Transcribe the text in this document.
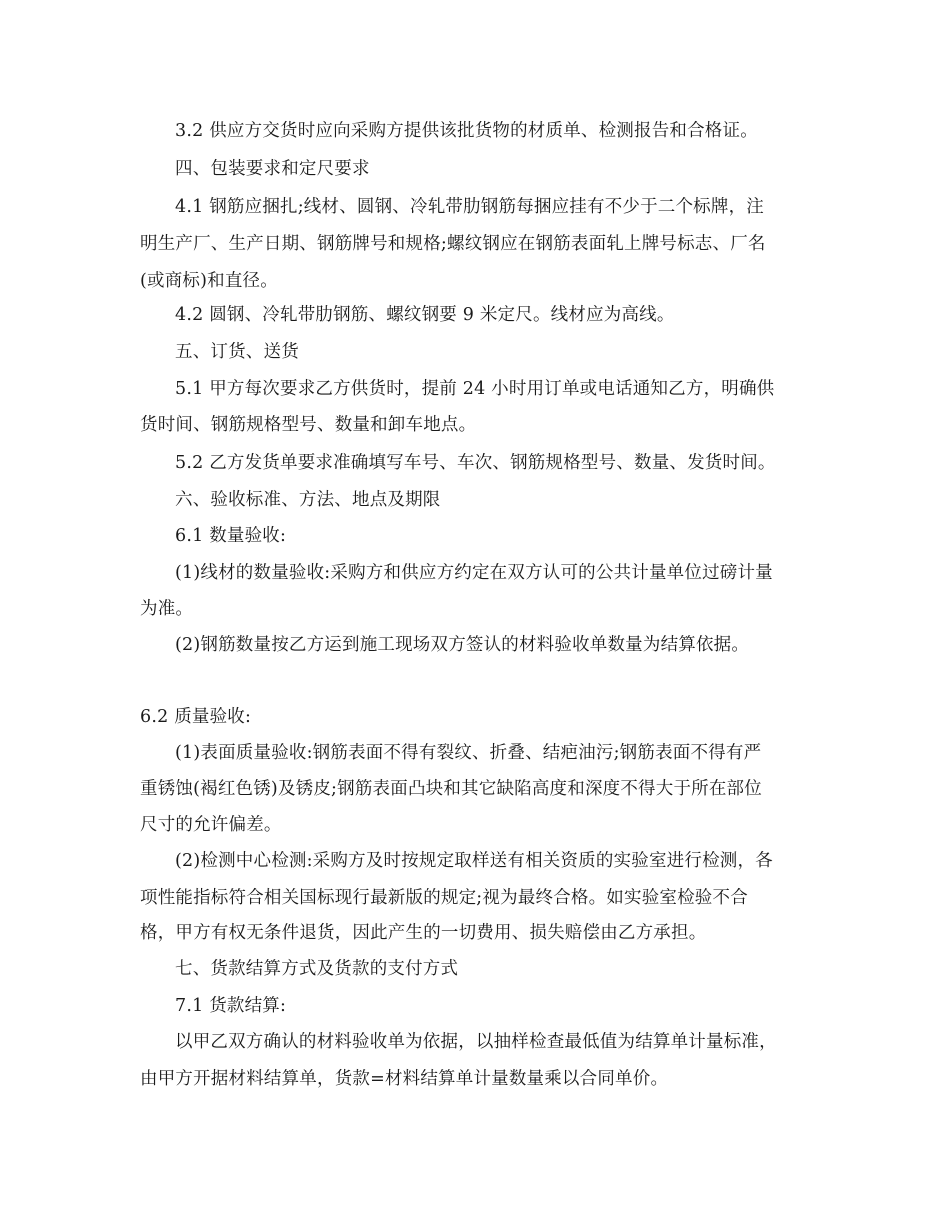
3.2 供应方交货时应向采购方提供该批货物的材质单、检测报告和合格证。
四、包装要求和定尺要求
4.1 钢筋应捆扎;线材、圆钢、冷轧带肋钢筋每捆应挂有不少于二个标牌，注
明生产厂、生产日期、钢筋牌号和规格;螺纹钢应在钢筋表面轧上牌号标志、厂名
(或商标)和直径。
4.2 圆钢、冷轧带肋钢筋、螺纹钢要 9 米定尺。线材应为高线。
五、订货、送货
5.1 甲方每次要求乙方供货时，提前 24 小时用订单或电话通知乙方，明确供
货时间、钢筋规格型号、数量和卸车地点。
5.2 乙方发货单要求准确填写车号、车次、钢筋规格型号、数量、发货时间。
六、验收标准、方法、地点及期限
6.1 数量验收:
(1)线材的数量验收:采购方和供应方约定在双方认可的公共计量单位过磅计量
为准。
(2)钢筋数量按乙方运到施工现场双方签认的材料验收单数量为结算依据。
6.2 质量验收:
(1)表面质量验收:钢筋表面不得有裂纹、折叠、结疤油污;钢筋表面不得有严
重锈蚀(褐红色锈)及锈皮;钢筋表面凸块和其它缺陷高度和深度不得大于所在部位
尺寸的允许偏差。
(2)检测中心检测:采购方及时按规定取样送有相关资质的实验室进行检测，各
项性能指标符合相关国标现行最新版的规定;视为最终合格。如实验室检验不合
格，甲方有权无条件退货，因此产生的一切费用、损失赔偿由乙方承担。
七、货款结算方式及货款的支付方式
7.1 货款结算:
以甲乙双方确认的材料验收单为依据，以抽样检查最低值为结算单计量标准，
由甲方开据材料结算单，货款=材料结算单计量数量乘以合同单价。
